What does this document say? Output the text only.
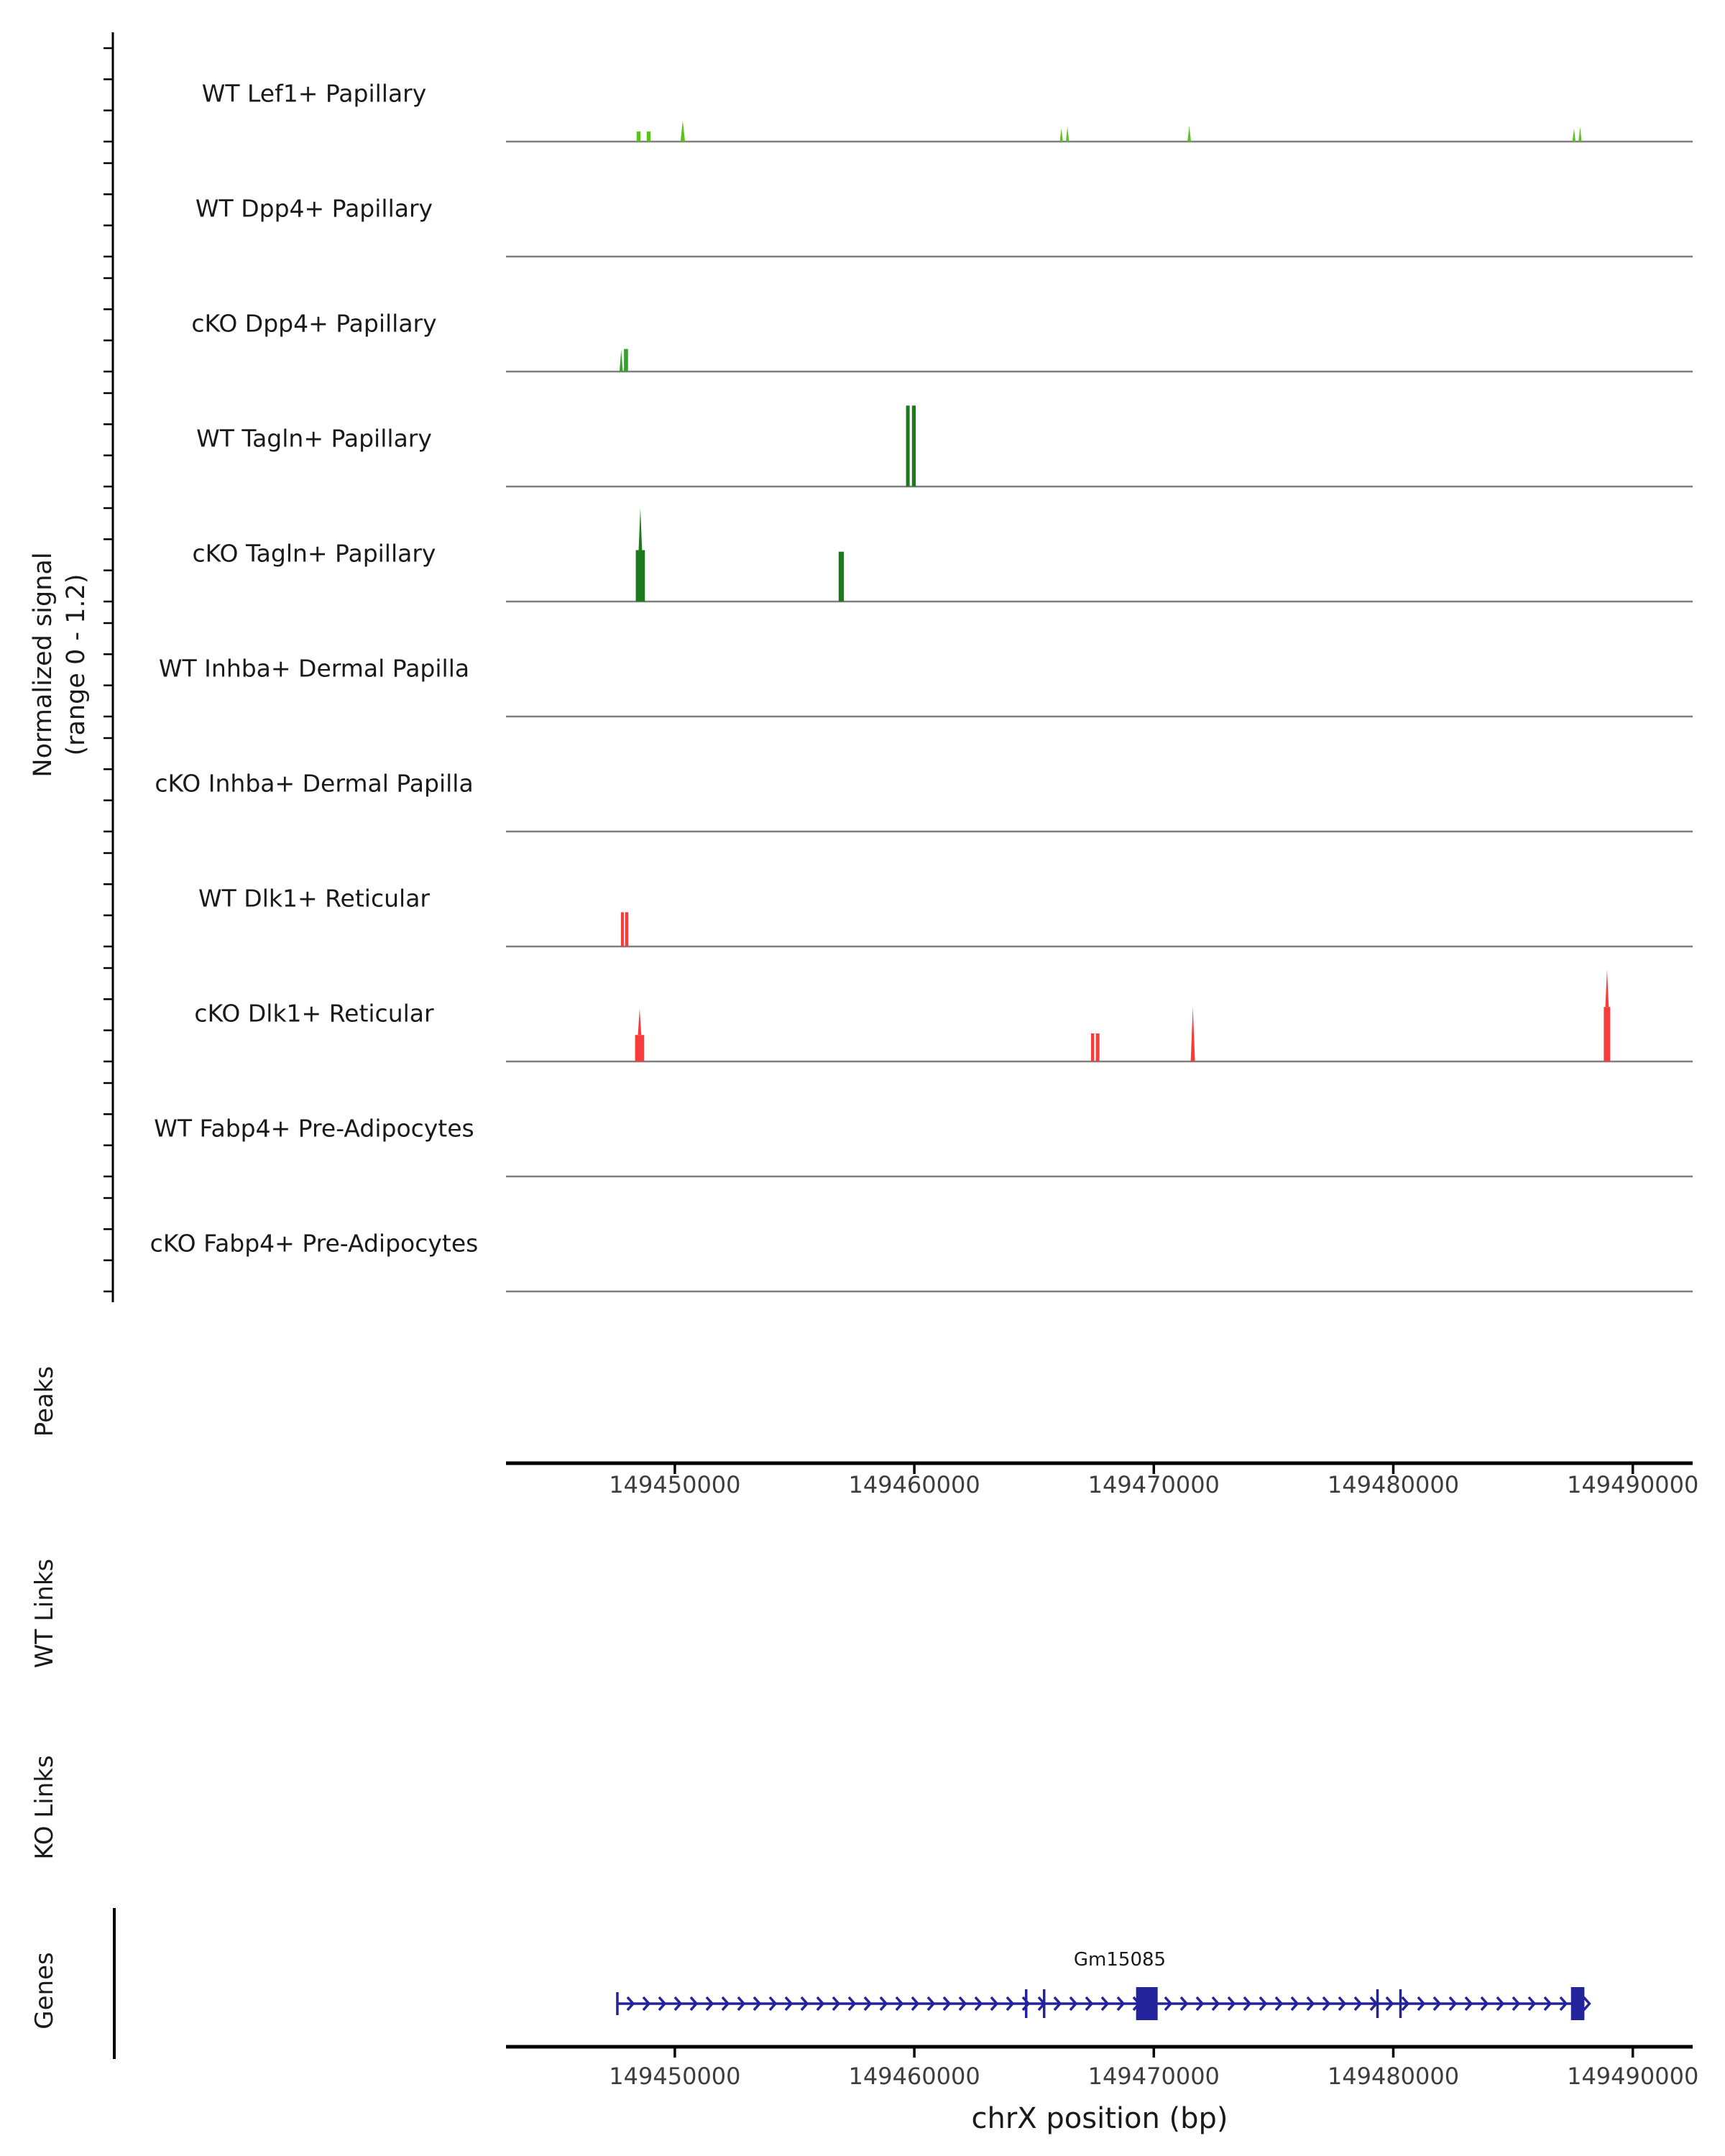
149450000	149460000	149470000	149480000	149490000
149450000	149460000	149470000	149480000	149490000
Normalized signal (range 0 - 1.2)
Peaks
WT Links
KO Links
Genes
WT Lef1+ Papillary
WT Dpp4+ Papillary
cKO Dpp4+ Papillary
WT Tagln+ Papillary
cKO Tagln+ Papillary
WT Inhba+ Dermal Papilla
cKO Inhba+ Dermal Papilla
WT Dlk1+ Reticular
cKO Dlk1+ Reticular
WT Fabp4+ Pre-Adipocytes
cKO Fabp4+ Pre-Adipocytes
Gm15085
chrX position (bp)
